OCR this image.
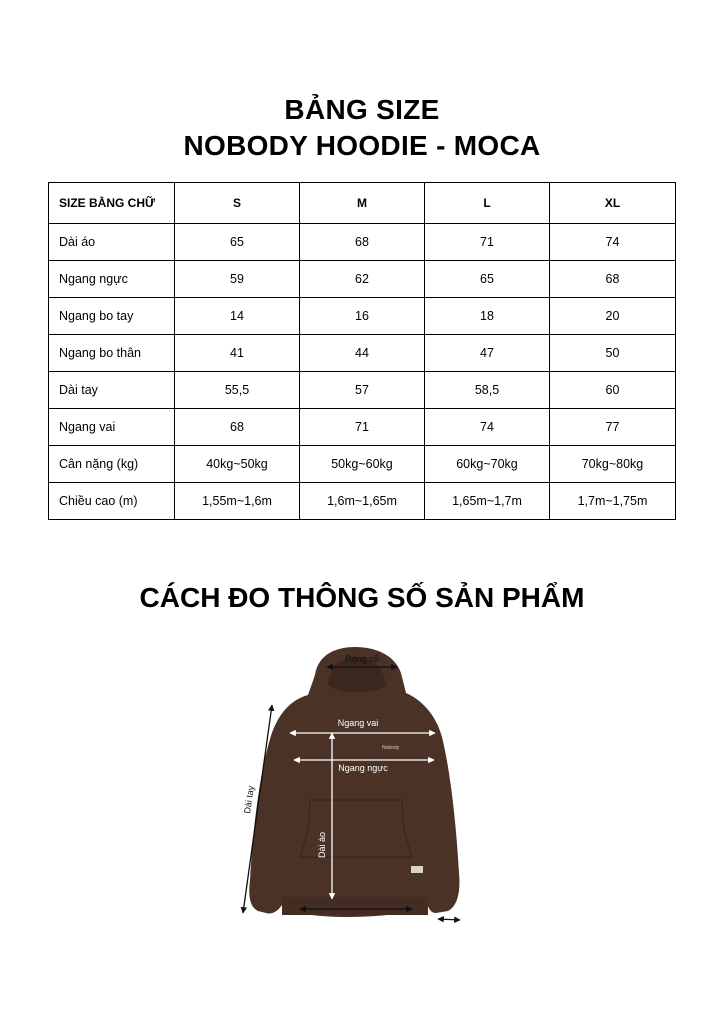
BẢNG SIZE
NOBODY HOODIE - MOCA
SIZE BẰNG CHỮ	S	M	L	XL
Dài áo	65	68	71	74
Ngang ngực	59	62	65	68
Ngang bo tay	14	16	18	20
Ngang bo thân	41	44	47	50
Dài tay	55,5	57	58,5	60
Ngang vai	68	71	74	77
Cân nặng (kg)	40kg~50kg	50kg~60kg	60kg~70kg	70kg~80kg
Chiều cao (m)	1,55m~1,6m	1,6m~1,65m	1,65m~1,7m	1,7m~1,75m
CÁCH ĐO THÔNG SỐ SẢN PHẨM
Nobody
Rộng cổ
Ngang vai
Ngang ngực
Dài áo
Dài tay
